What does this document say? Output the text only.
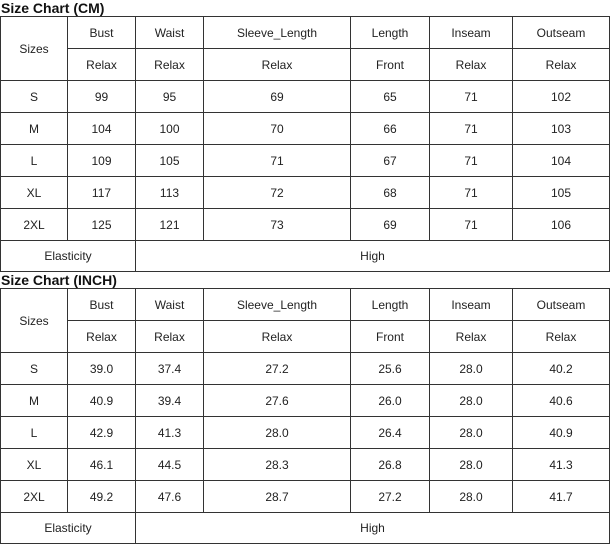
Size Chart (CM)
Sizes	Bust	Waist	Sleeve_Length	Length	Inseam	Outseam
	Relax	Relax	Relax	Front	Relax	Relax
S	99	95	69	65	71	102
M	104	100	70	66	71	103
L	109	105	71	67	71	104
XL	117	113	72	68	71	105
2XL	125	121	73	69	71	106
Elasticity		High				
Size Chart (INCH)
Sizes	Bust	Waist	Sleeve_Length	Length	Inseam	Outseam
	Relax	Relax	Relax	Front	Relax	Relax
S	39.0	37.4	27.2	25.6	28.0	40.2
M	40.9	39.4	27.6	26.0	28.0	40.6
L	42.9	41.3	28.0	26.4	28.0	40.9
XL	46.1	44.5	28.3	26.8	28.0	41.3
2XL	49.2	47.6	28.7	27.2	28.0	41.7
Elasticity		High				
